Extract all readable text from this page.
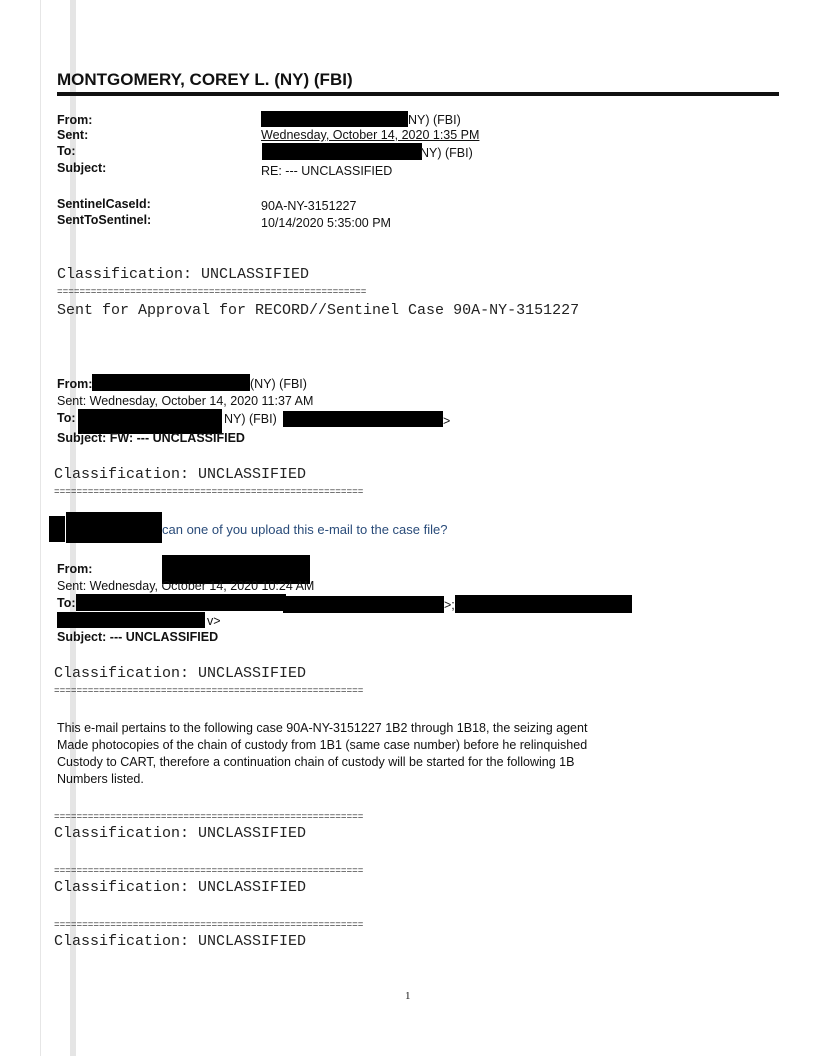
MONTGOMERY, COREY L. (NY) (FBI)
From:	NY) (FBI)
Sent:	Wednesday, October 14, 2020 1:35 PM
To:	NY) (FBI)
Subject:	RE: --- UNCLASSIFIED
SentinelCaseId:	90A-NY-3151227
SentToSentinel:	10/14/2020 5:35:00 PM
Classification: UNCLASSIFIED
=======================================================
Sent for Approval for RECORD//Sentinel Case 90A-NY-3151227
From:	(NY) (FBI)
Sent: Wednesday, October 14, 2020 11:37 AM
To:	NY) (FBI)	>
Subject: FW: --- UNCLASSIFIED
Classification: UNCLASSIFIED
=======================================================
can one of you upload this e-mail to the case file?
From:
Sent: Wednesday, October 14, 2020 10:24 AM
To:	>;
v>
Subject: --- UNCLASSIFIED
Classification: UNCLASSIFIED
=======================================================
This e-mail pertains to the following case 90A-NY-3151227 1B2 through 1B18, the seizing agent
Made photocopies of the chain of custody from 1B1 (same case number) before he relinquished
Custody to CART, therefore a continuation chain of custody will be started for the following 1B
Numbers listed.
=======================================================
Classification: UNCLASSIFIED
=======================================================
Classification: UNCLASSIFIED
=======================================================
Classification: UNCLASSIFIED
1
